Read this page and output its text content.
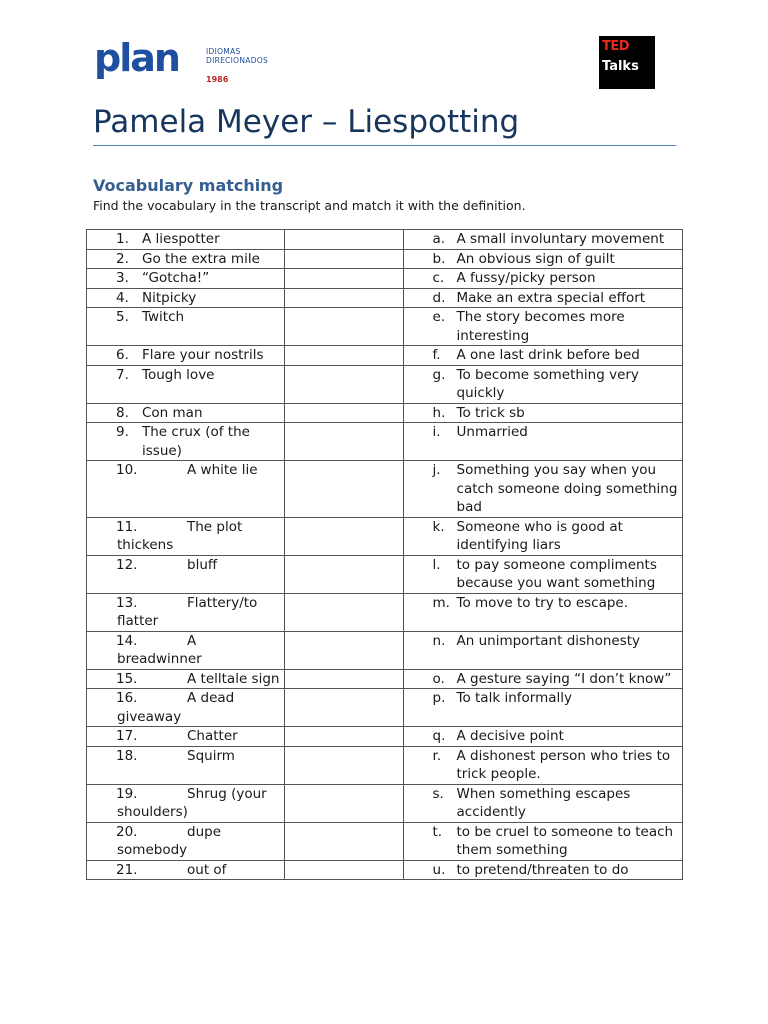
plan	IDIOMAS
DIRECIONADOS
1986
TED
Talks
Pamela Meyer – Liespotting
Vocabulary matching
Find the vocabulary in the transcript and match it with the definition.
1. A liespotter		a. A small involuntary movement

2. Go the extra mile		b. An obvious sign of guilt

3. “Gotcha!”		c. A fussy/picky person

4. Nitpicky		d. Make an extra special effort

5. Twitch		e. The story becomes more interesting

6. Flare your nostrils		f. A one last drink before bed

7. Tough love		g. To become something very quickly

8. Con man		h. To trick sb

9. The crux (of the issue)		i. Unmarried

10. A white lie		j. Something you say when you catch someone doing something bad

11. The plot thickens		k. Someone who is good at identifying liars

12. bluff		l. to pay someone compliments because you want something

13. Flattery/to flatter		m. To move to try to escape.

14. A breadwinner		n. An unimportant dishonesty

15. A telltale sign		o. A gesture saying “I don’t know”

16. A dead giveaway		p. To talk informally

17. Chatter		q. A decisive point

18. Squirm		r. A dishonest person who tries to trick people.

19. Shrug (your shoulders)		s. When something escapes accidently

20. dupe somebody		t. to be cruel to someone to teach them something

21. out of		u. to pretend/threaten to do
